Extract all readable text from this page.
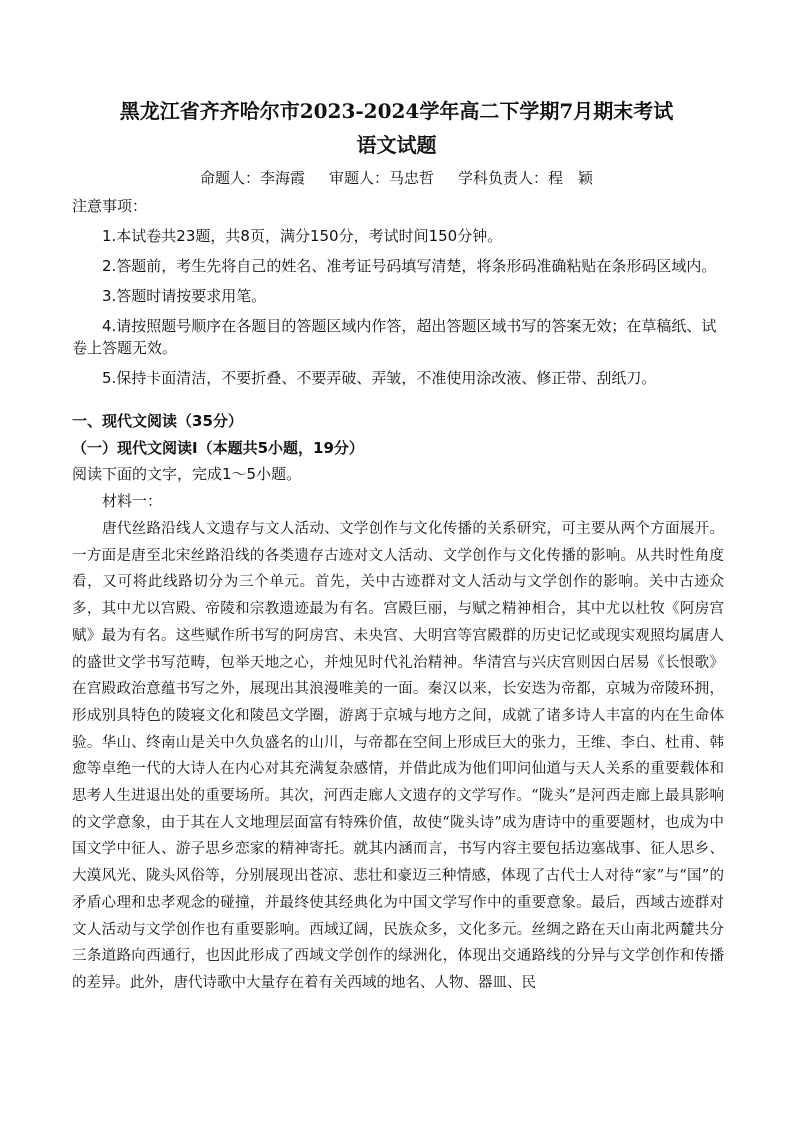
黑龙江省齐齐哈尔市2023-2024学年高二下学期7月期末考试
语文试题
命题人：李海霞 审题人：马忠哲 学科负责人：程　颖

注意事项：

1.本试卷共23题，共8页，满分150分，考试时间150分钟。

2.答题前，考生先将自己的姓名、准考证号码填写清楚，将条形码准确粘贴在条形码区域内。

3.答题时请按要求用笔。

4.请按照题号顺序在各题目的答题区域内作答，超出答题区域书写的答案无效；在草稿纸、试卷上答题无效。

5.保持卡面清洁，不要折叠、不要弄破、弄皱，不准使用涂改液、修正带、刮纸刀。

一、现代文阅读（35分）
（一）现代文阅读Ⅰ（本题共5小题，19分）
阅读下面的文字，完成1～5小题。
材料一：

唐代丝路沿线人文遗存与文人活动、文学创作与文化传播的关系研究，可主要从两个方面展开。一方面是唐至北宋丝路沿线的各类遗存古迹对文人活动、文学创作与文化传播的影响。从共时性角度看，又可将此线路切分为三个单元。首先，关中古迹群对文人活动与文学创作的影响。关中古迹众多，其中尤以宫殿、帝陵和宗教遗迹最为有名。宫殿巨丽，与赋之精神相合，其中尤以杜牧《阿房宫赋》最为有名。这些赋作所书写的阿房宫、未央宫、大明宫等宫殿群的历史记忆或现实观照均属唐人的盛世文学书写范畴，包举天地之心，并烛见时代礼治精神。华清宫与兴庆宫则因白居易《长恨歌》在宫殿政治意蕴书写之外，展现出其浪漫唯美的一面。秦汉以来，长安迭为帝都，京城为帝陵环拥，形成别具特色的陵寝文化和陵邑文学圈，游离于京城与地方之间，成就了诸多诗人丰富的内在生命体验。华山、终南山是关中久负盛名的山川，与帝都在空间上形成巨大的张力，王维、李白、杜甫、韩愈等卓绝一代的大诗人在内心对其充满复杂感情，并借此成为他们叩问仙道与天人关系的重要载体和思考人生进退出处的重要场所。其次，河西走廊人文遗存的文学写作。“陇头”是河西走廊上最具影响的文学意象，由于其在人文地理层面富有特殊价值，故使“陇头诗”成为唐诗中的重要题材，也成为中国文学中征人、游子思乡恋家的精神寄托。就其内涵而言，书写内容主要包括边塞战事、征人思乡、大漠风光、陇头风俗等，分别展现出苍凉、悲壮和豪迈三种情感，体现了古代士人对待“家”与“国”的矛盾心理和忠孝观念的碰撞，并最终使其经典化为中国文学写作中的重要意象。最后，西域古迹群对文人活动与文学创作也有重要影响。西域辽阔，民族众多，文化多元。丝绸之路在天山南北两麓共分三条道路向西通行，也因此形成了西域文学创作的绿洲化，体现出交通路线的分异与文学创作和传播的差异。此外，唐代诗歌中大量存在着有关西域的地名、人物、器皿、民
